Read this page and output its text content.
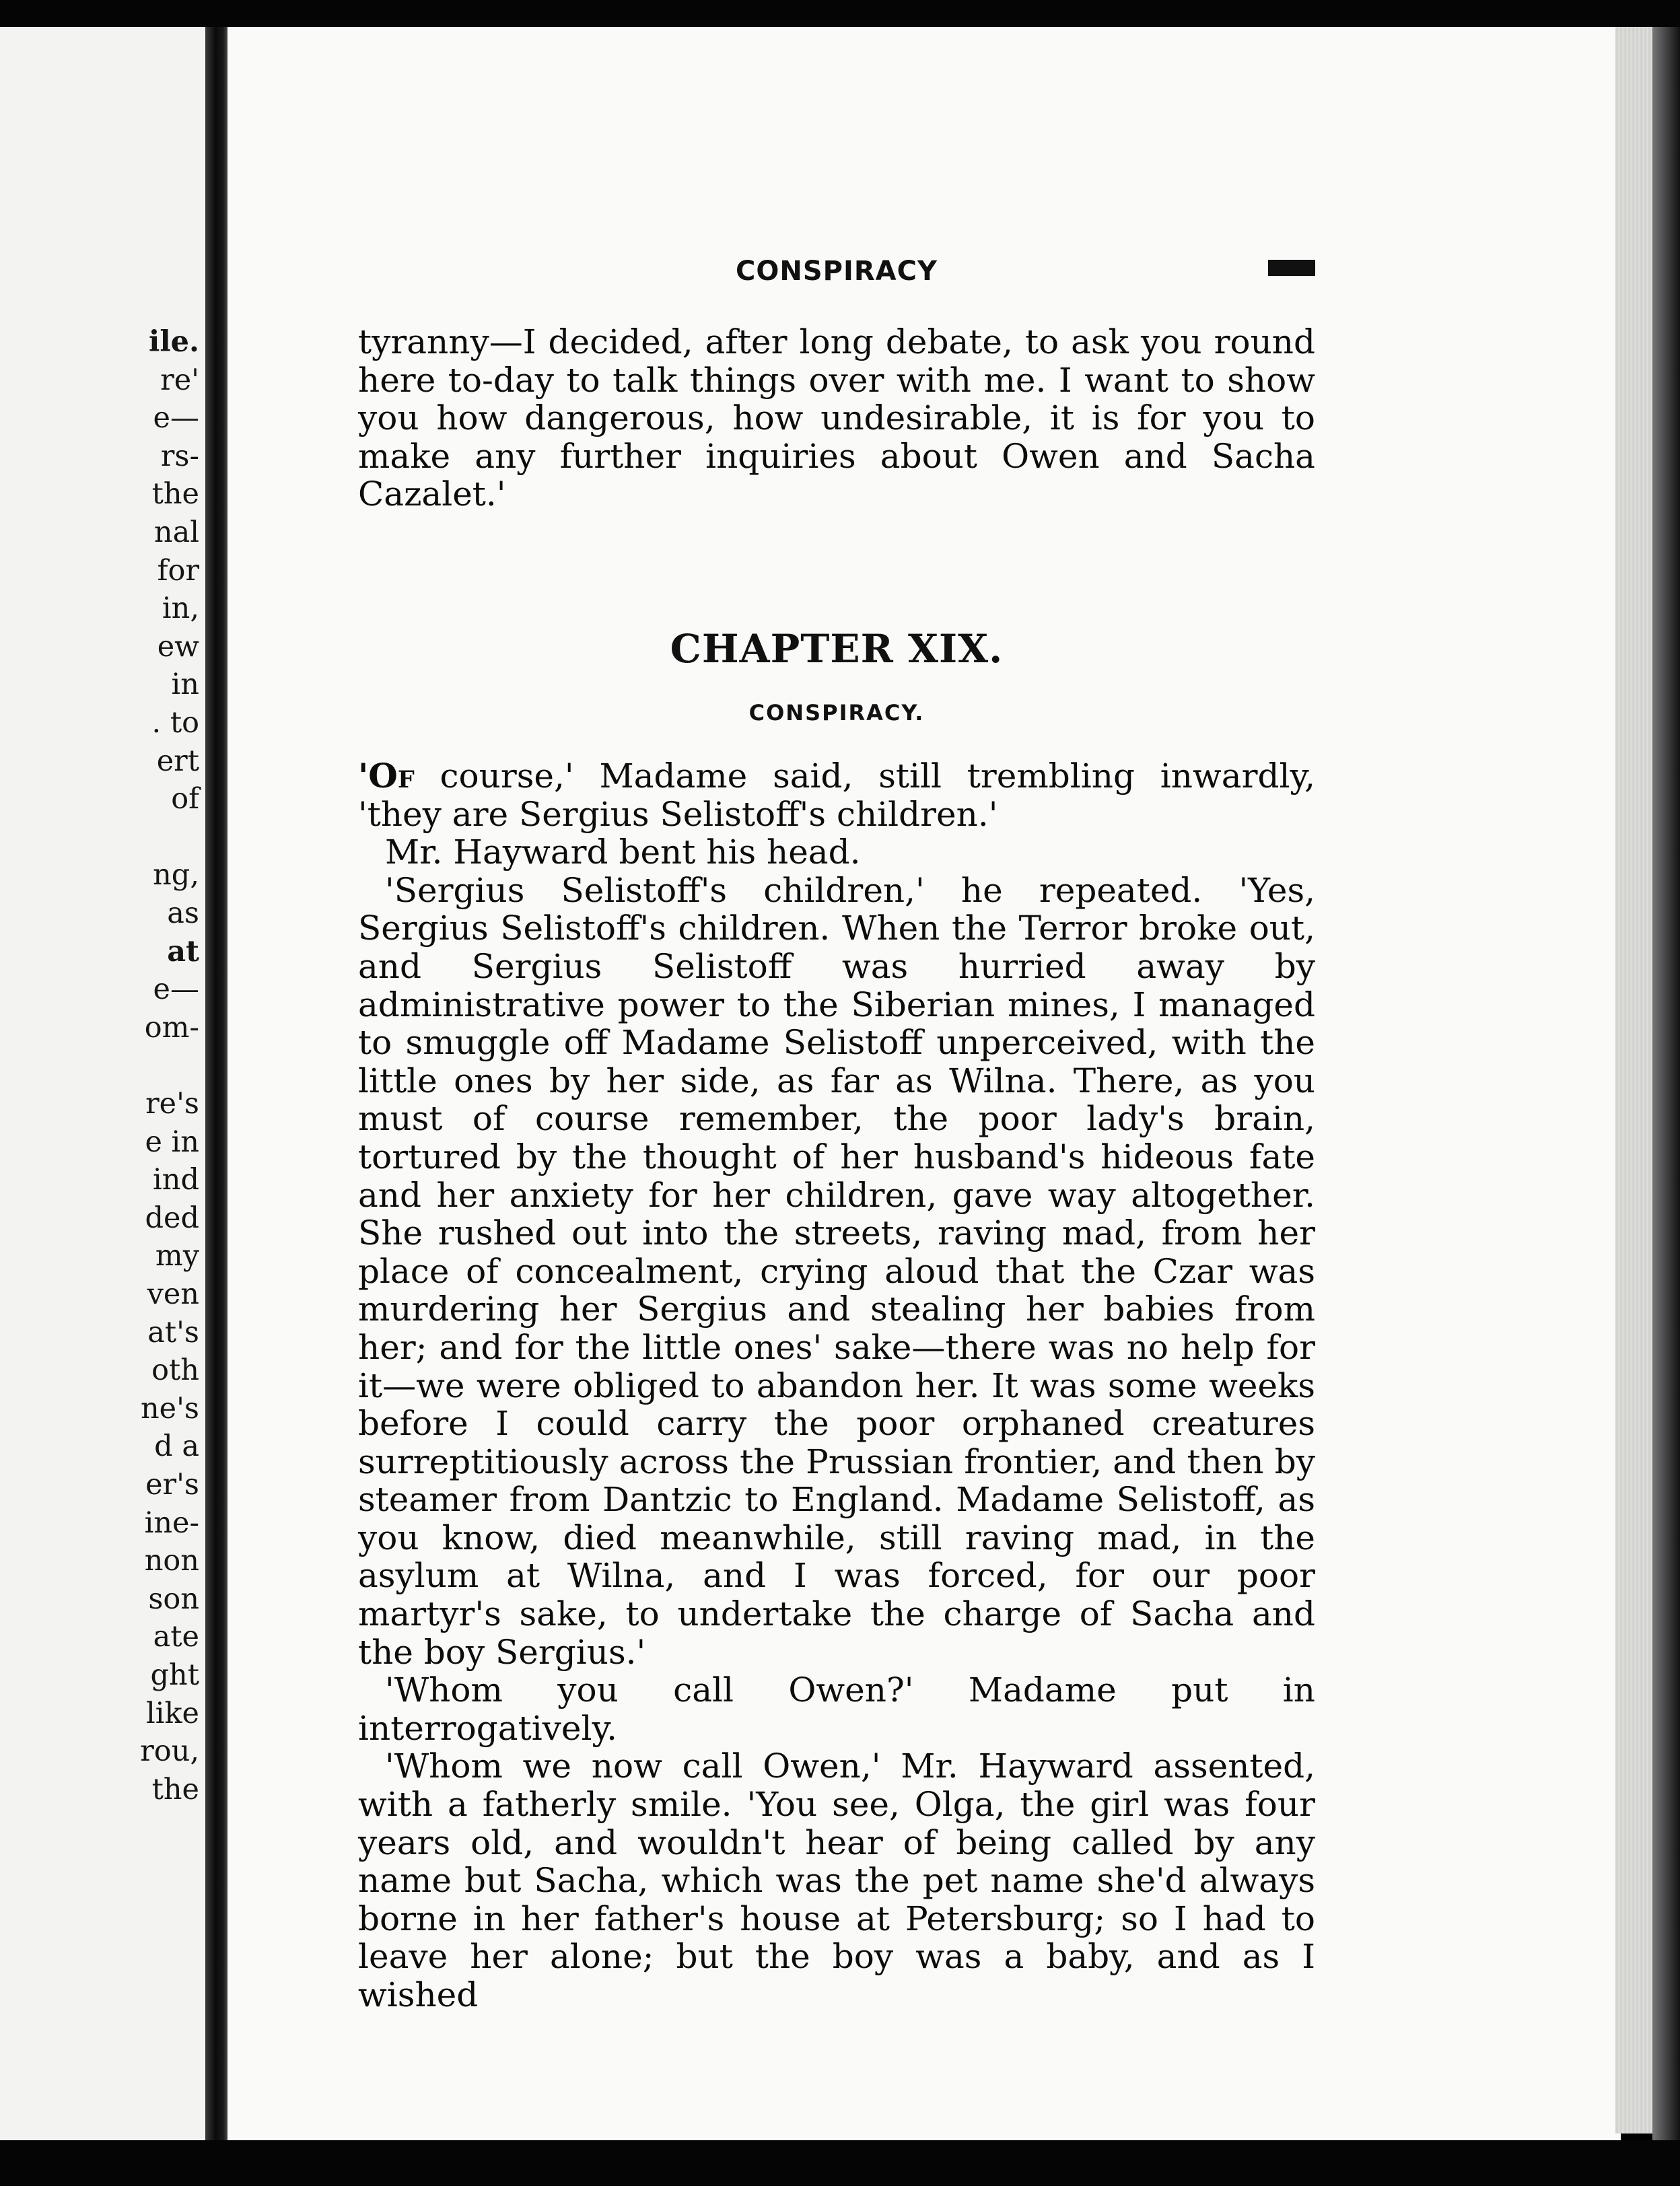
ile.
re'
e—
rs-
the
nal
for
in,
ew
in
. to
ert
of
ng,
as
at
e—
om-
re's
e in
ind
ded
my
ven
at's
oth
ne's
d a
er's
ine-
non
son
ate
ght
like
rou,
the
CONSPIRACY

tyranny—I decided, after long debate, to ask you round here to-day to talk things over with me. I want to show you how dangerous, how undesirable, it is for you to make any further inquiries about Owen and Sacha Cazalet.'

CHAPTER XIX.
CONSPIRACY.

'Of course,' Madame said, still trembling inwardly, 'they are Sergius Selistoff's children.'

Mr. Hayward bent his head.

'Sergius Selistoff's children,' he repeated. 'Yes, Sergius Selistoff's children. When the Terror broke out, and Sergius Selistoff was hurried away by administrative power to the Siberian mines, I managed to smuggle off Madame Selistoff unperceived, with the little ones by her side, as far as Wilna. There, as you must of course remember, the poor lady's brain, tortured by the thought of her husband's hideous fate and her anxiety for her children, gave way altogether. She rushed out into the streets, raving mad, from her place of concealment, crying aloud that the Czar was murdering her Sergius and stealing her babies from her; and for the little ones' sake—there was no help for it—we were obliged to abandon her. It was some weeks before I could carry the poor orphaned creatures surreptitiously across the Prussian frontier, and then by steamer from Dantzic to England. Madame Selistoff, as you know, died meanwhile, still raving mad, in the asylum at Wilna, and I was forced, for our poor martyr's sake, to undertake the charge of Sacha and the boy Sergius.'

'Whom you call Owen?' Madame put in interrogatively.

'Whom we now call Owen,' Mr. Hayward assented, with a fatherly smile. 'You see, Olga, the girl was four years old, and wouldn't hear of being called by any name but Sacha, which was the pet name she'd always borne in her father's house at Petersburg; so I had to leave her alone; but the boy was a baby, and as I wished
